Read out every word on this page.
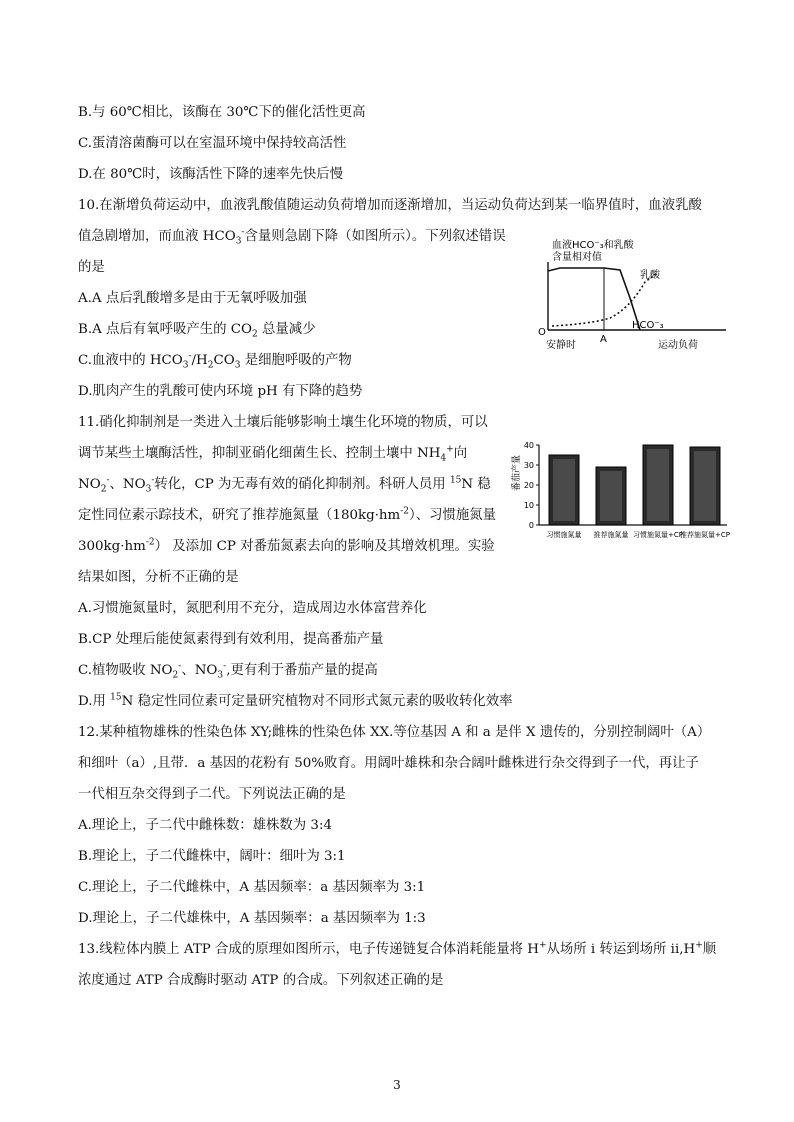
B.与 60℃相比，该酶在 30℃下的催化活性更高
C.蛋清溶菌酶可以在室温环境中保持较高活性
D.在 80℃时，该酶活性下降的速率先快后慢
10.在渐增负荷运动中，血液乳酸值随运动负荷增加而逐渐增加，当运动负荷达到某一临界值时，血液乳酸
值急剧增加，而血液 $HCO_3^-$含量则急剧下降（如图所示）。下列叙述错误
的是
A.A 点后乳酸增多是由于无氧呼吸加强
B.A 点后有氧呼吸产生的 $CO_2$ 总量减少
C.血液中的 $HCO_3^-/H_2CO_3$ 是细胞呼吸的产物
D.肌肉产生的乳酸可使内环境 pH 有下降的趋势
11.硝化抑制剂是一类进入土壤后能够影响土壤生化环境的物质，可以
调节某些土壤酶活性，抑制亚硝化细菌生长、控制土壤中 $NH_4^+$向
$NO_2^-$、$NO_3^-$转化，CP 为无毒有效的硝化抑制剂。科研人员用 $^{15}$N 稳
定性同位素示踪技术，研究了推荐施氮量$(180kg\cdot hm^{-2})$、习惯施氮量
$300kg\cdot hm^{-2}$） 及添加 CP 对番茄氮素去向的影响及其增效机理。实验
结果如图，分析不正确的是
A.习惯施氮量时，氮肥利用不充分，造成周边水体富营养化
B.CP 处理后能使氮素得到有效利用，提高番茄产量
C.植物吸收 $NO_2^-$、$NO_3^-$,更有利于番茄产量的提高
D.用 $^{15}$N 稳定性同位素可定量研究植物对不同形式氮元素的吸收转化效率
12.某种植物雄株的性染色体 XY;雌株的性染色体 XX.等位基因 A 和 a 是伴 X 遗传的，分别控制阔叶（A）
和细叶（a）,且带．a 基因的花粉有 50%败育。用阔叶雄株和杂合阔叶雌株进行杂交得到子一代，再让子
一代相互杂交得到子二代。下列说法正确的是
A.理论上，子二代中雌株数：雄株数为 3:4
B.理论上，子二代雌株中，阔叶：细叶为 3:1
C.理论上，子二代雌株中，A 基因频率：a 基因频率为 3:1
D.理论上，子二代雄株中，A 基因频率：a 基因频率为 1:3
13.线粒体内膜上 ATP 合成的原理如图所示，电子传递链复合体消耗能量将 H+从场所 i 转运到场所 ii,H+顺
浓度通过 ATP 合成酶时驱动 ATP 的合成。下列叙述正确的是
血液HCO⁻₃和乳酸
含量相对值
乳酸
HCO⁻₃
O
安静时
A
运动负荷
番茄产量
0
10
20
30
40
习惯施氮量 推荐施氮量 习惯施氮量+CP
推荐施氮量+CP
3
